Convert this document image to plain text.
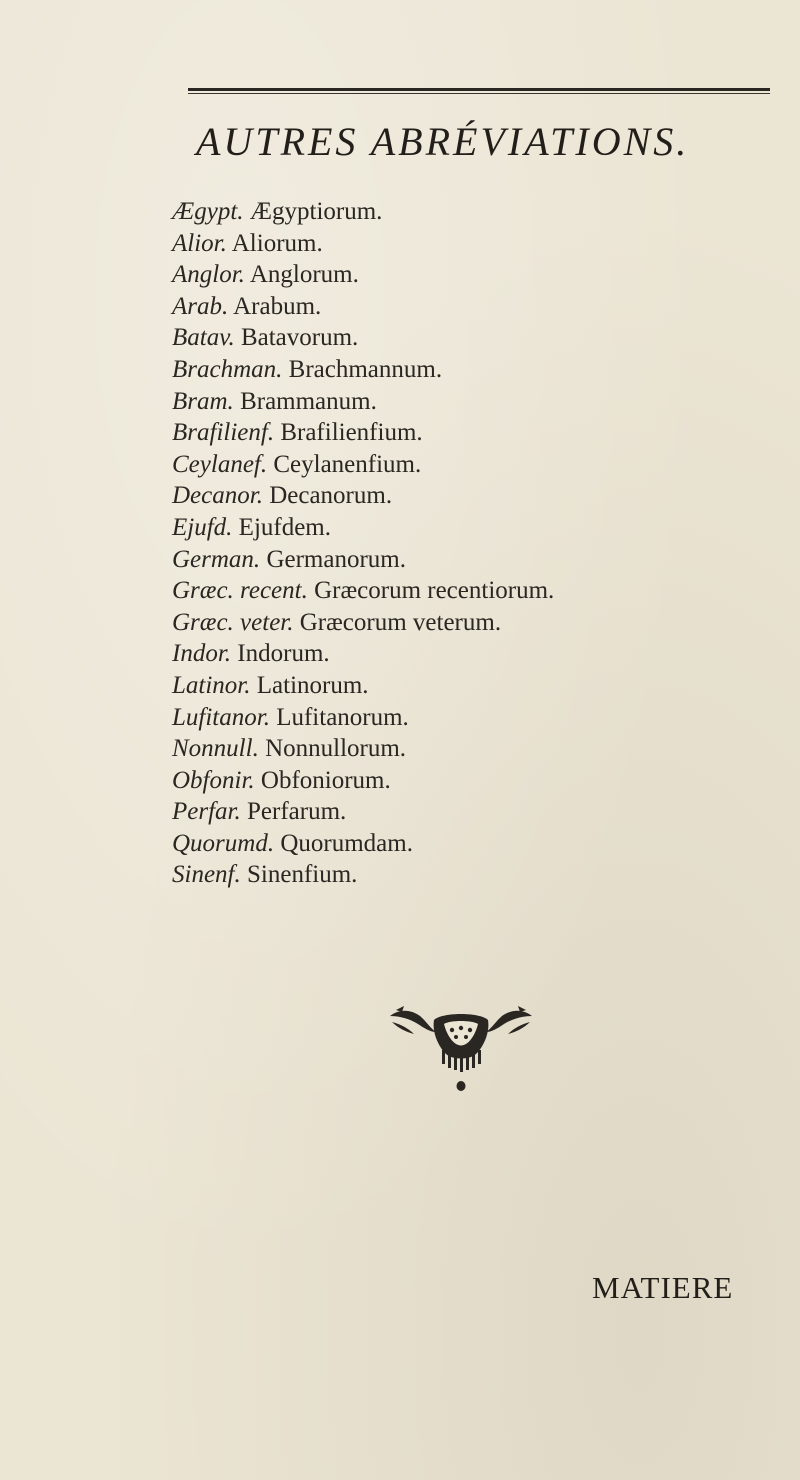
AUTRES ABRÉVIATIONS.
Ægypt. Ægyptiorum.
Alior. Aliorum.
Anglor. Anglorum.
Arab. Arabum.
Batav. Batavorum.
Brachman. Brachmannum.
Bram. Brammanum.
Brafilienf. Brafilienfium.
Ceylanef. Ceylanenfium.
Decanor. Decanorum.
Ejufd. Ejufdem.
German. Germanorum.
Græc. recent. Græcorum recentiorum.
Græc. veter. Græcorum veterum.
Indor. Indorum.
Latinor. Latinorum.
Lufitanor. Lufitanorum.
Nonnull. Nonnullorum.
Obfonir. Obfoniorum.
Perfar. Perfarum.
Quorumd. Quorumdam.
Sinenf. Sinenfium.
MATIERE
